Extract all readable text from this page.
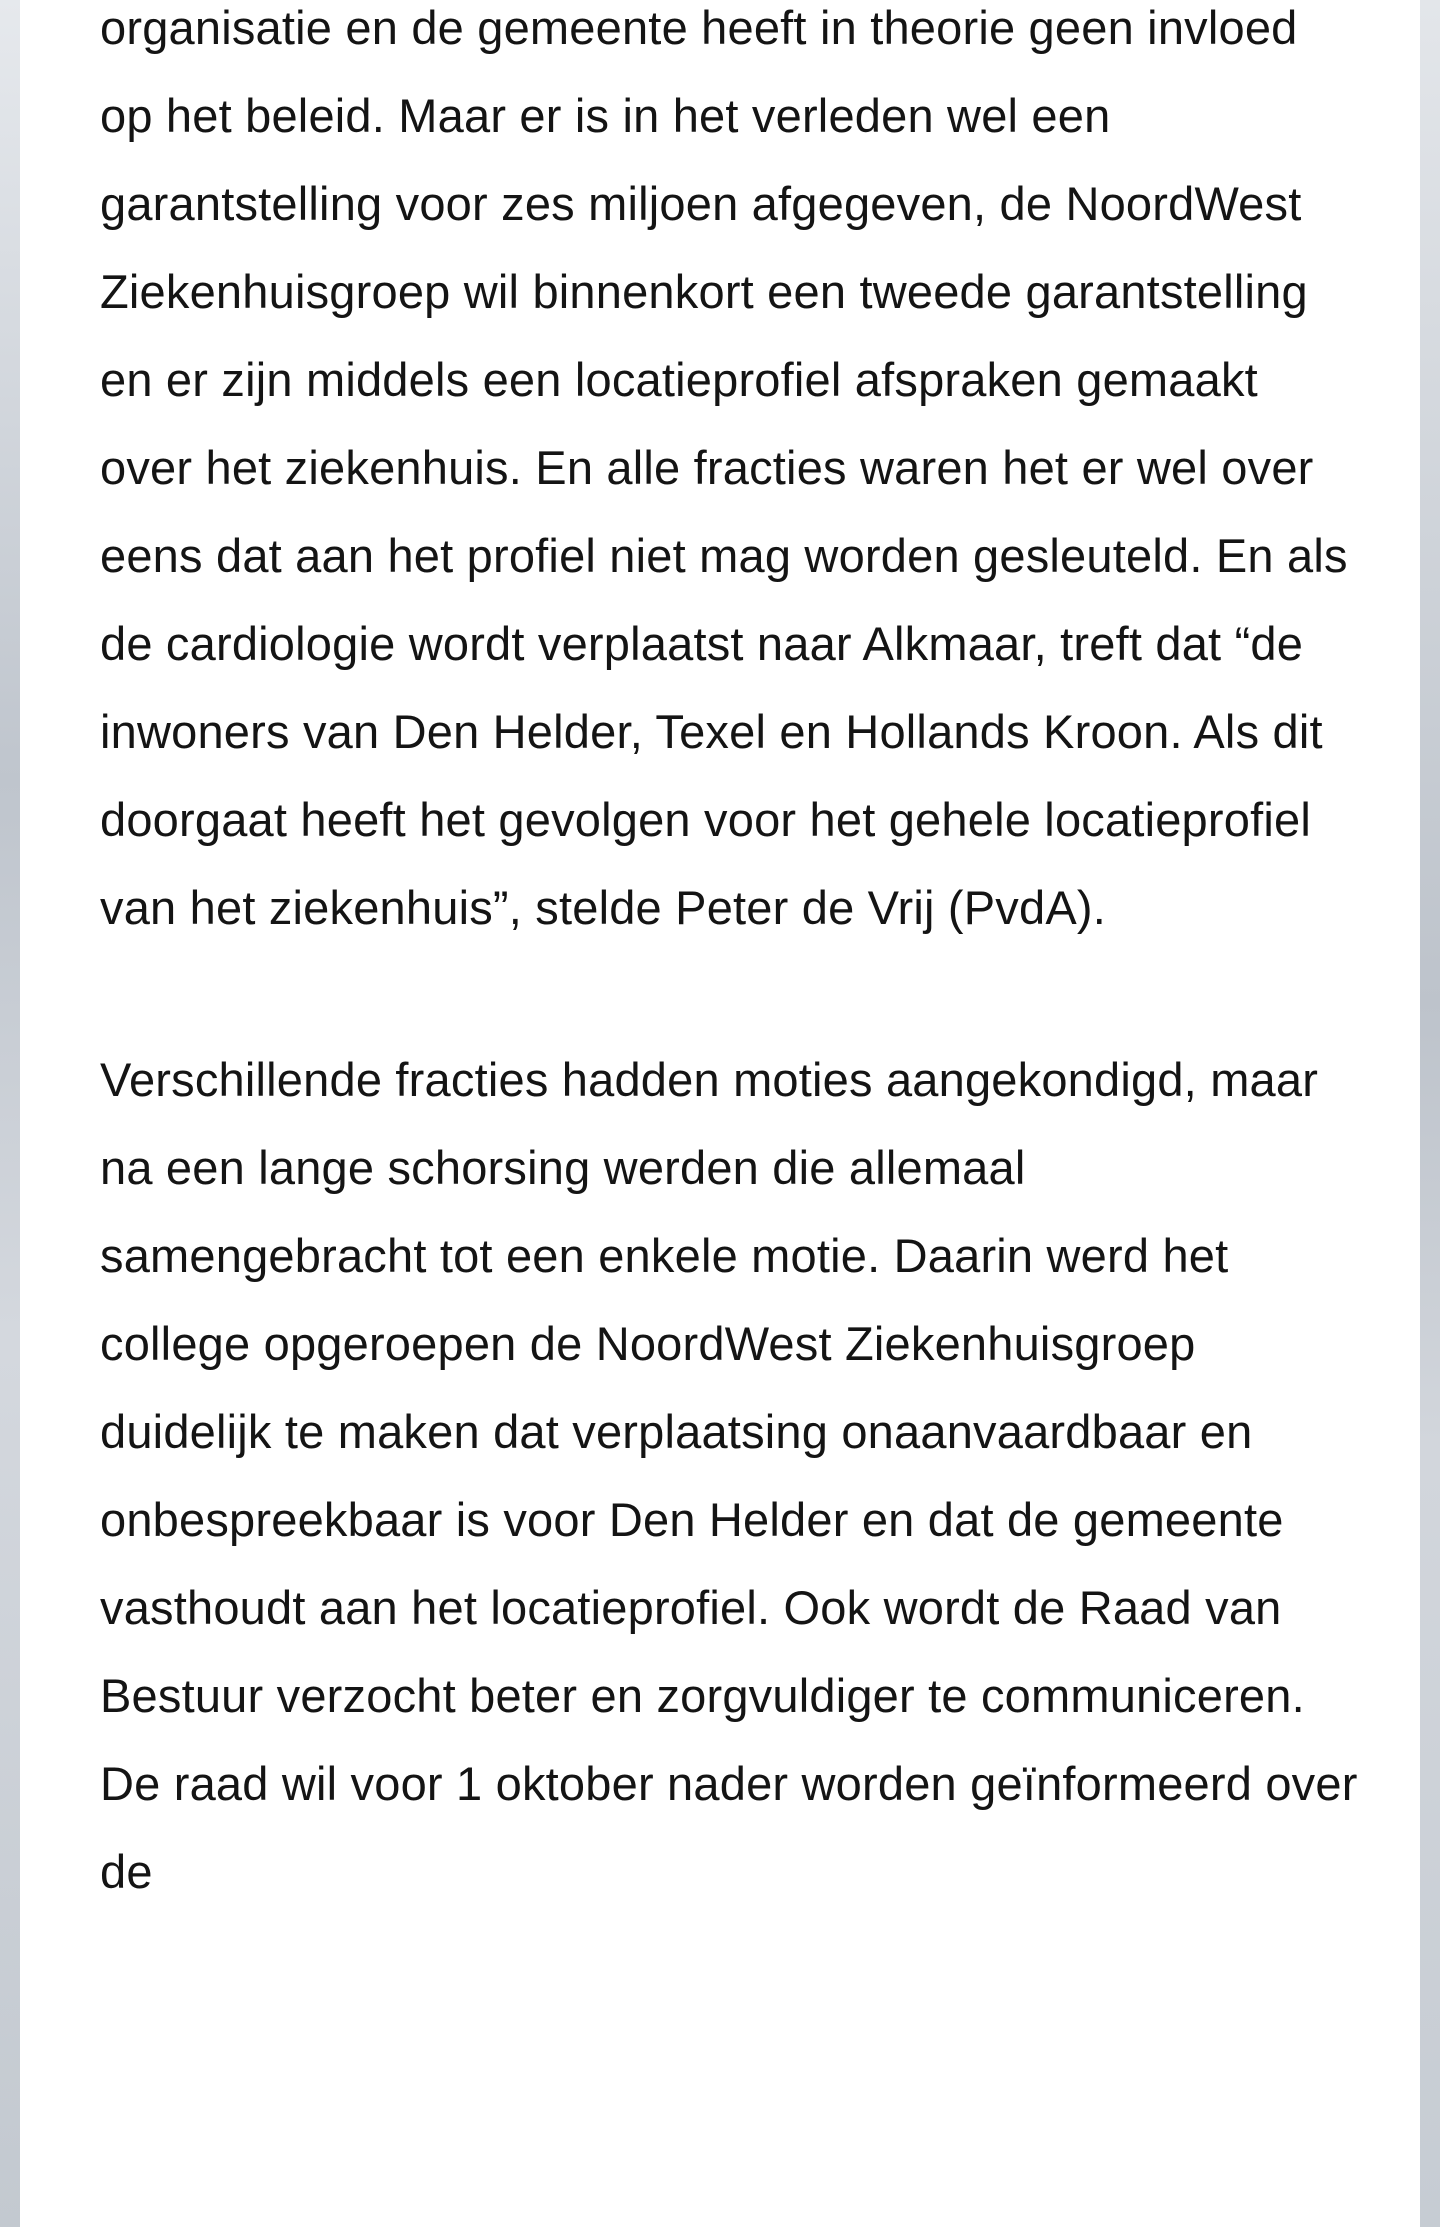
organisatie en de gemeente heeft in theorie geen invloed op het beleid. Maar er is in het verleden wel een garantstelling voor zes miljoen afgegeven, de NoordWest Ziekenhuisgroep wil binnenkort een tweede garantstelling en er zijn middels een locatieprofiel afspraken gemaakt over het ziekenhuis. En alle fracties waren het er wel over eens dat aan het profiel niet mag worden gesleuteld. En als de cardiologie wordt verplaatst naar Alkmaar, treft dat “de inwoners van Den Helder, Texel en Hollands Kroon. Als dit doorgaat heeft het gevolgen voor het gehele locatieprofiel van het ziekenhuis”, stelde Peter de Vrij (PvdA).

Verschillende fracties hadden moties aangekondigd, maar na een lange schorsing werden die allemaal samengebracht tot een enkele motie. Daarin werd het college opgeroepen de NoordWest Ziekenhuisgroep duidelijk te maken dat verplaatsing onaanvaardbaar en onbespreekbaar is voor Den Helder en dat de gemeente vasthoudt aan het locatieprofiel. Ook wordt de Raad van Bestuur verzocht beter en zorgvuldiger te communiceren. De raad wil voor 1 oktober nader worden geïnformeerd over de
